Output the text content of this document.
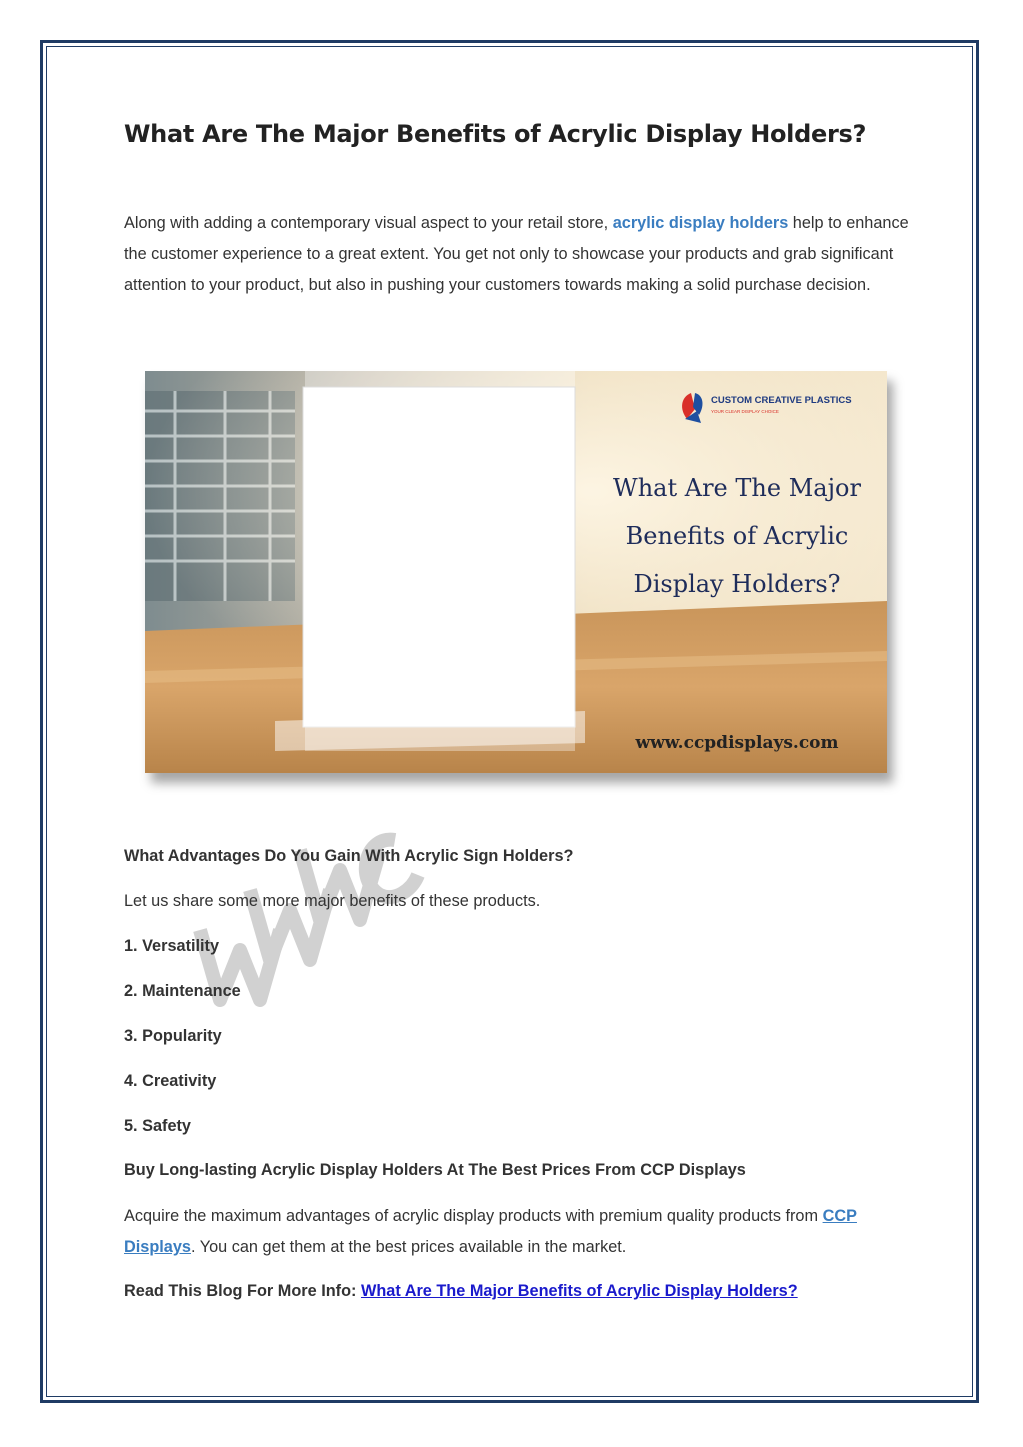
What Are The Major Benefits of Acrylic Display Holders?

Along with adding a contemporary visual aspect to your retail store, acrylic display holders help to enhance the customer experience to a great extent. You get not only to showcase your products and grab significant attention to your product, but also in pushing your customers towards making a solid purchase decision.

CUSTOM CREATIVE PLASTICS
YOUR CLEAR DISPLAY CHOICE
What Are The Major
Benefits of Acrylic
Display Holders?
www.ccpdisplays.com
What Advantages Do You Gain With Acrylic Sign Holders?

Let us share some more major benefits of these products.

1. Versatility

2. Maintenance

3. Popularity

4. Creativity

5. Safety

Buy Long-lasting Acrylic Display Holders At The Best Prices From CCP Displays

Acquire the maximum advantages of acrylic display products with premium quality products from CCP Displays. You can get them at the best prices available in the market.

Read This Blog For More Info: What Are The Major Benefits of Acrylic Display Holders?
